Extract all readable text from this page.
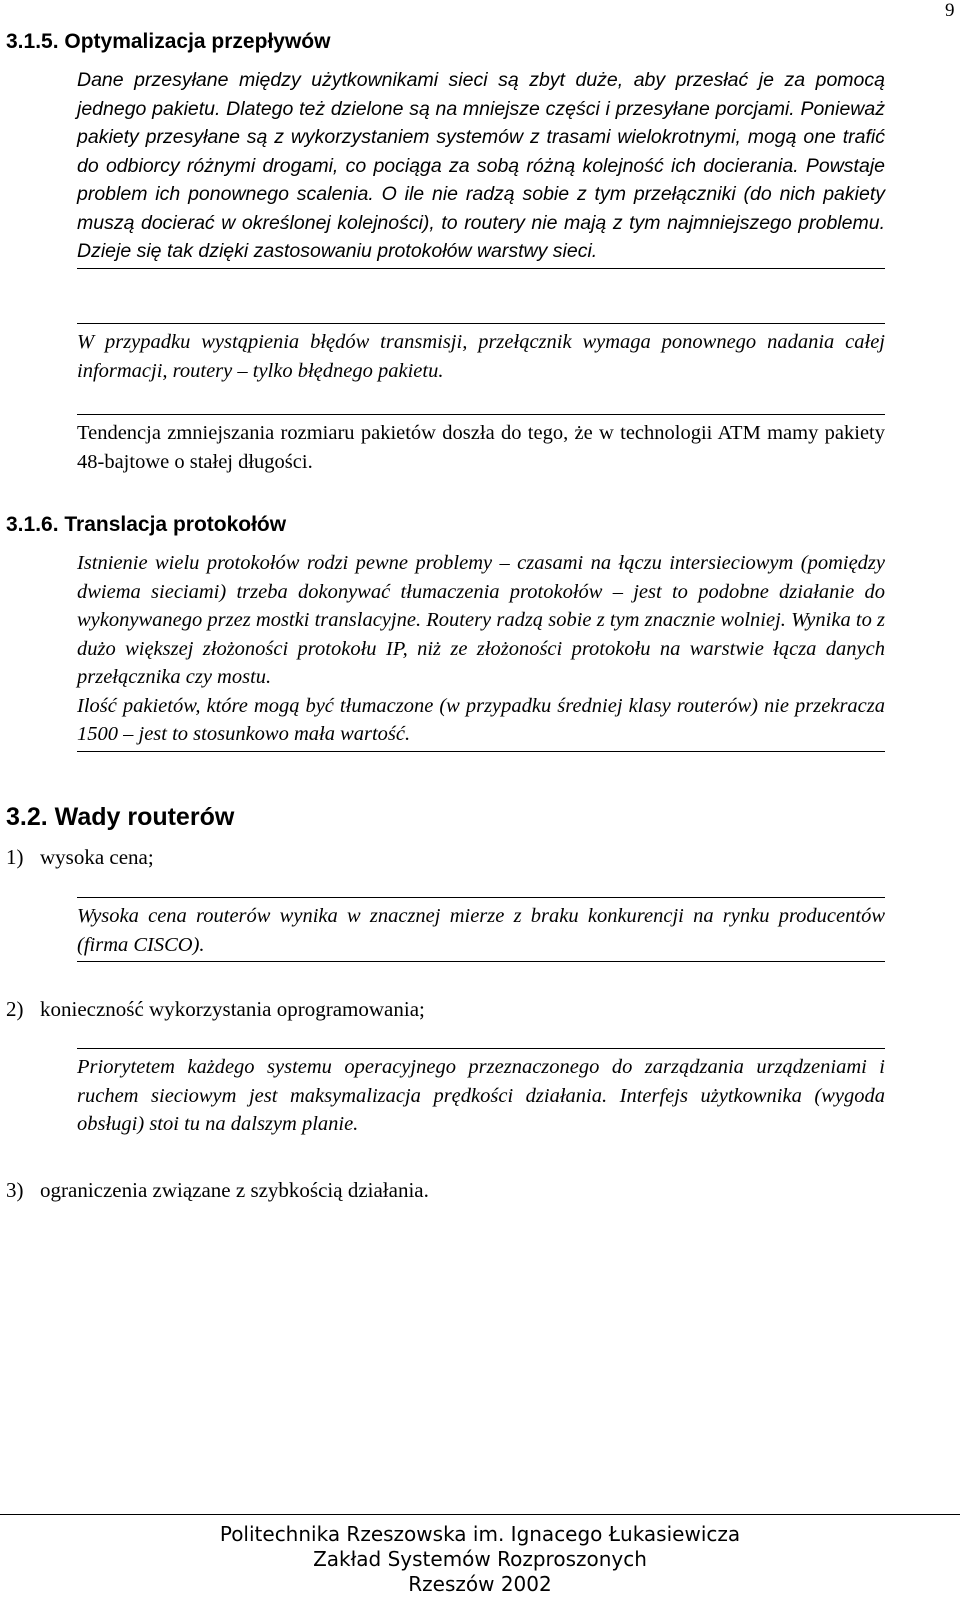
9
3.1.5. Optymalizacja przepływów

Dane przesyłane między użytkownikami sieci są zbyt duże, aby przesłać je za pomocą jednego pakietu. Dlatego też dzielone są na mniejsze części i przesyłane porcjami. Ponieważ pakiety przesyłane są z wykorzystaniem systemów z trasami wielokrotnymi, mogą one trafić do odbiorcy różnymi drogami, co pociąga za sobą różną kolejność ich docierania. Powstaje problem ich ponownego scalenia. O ile nie radzą sobie z tym przełączniki (do nich pakiety muszą docierać w określonej kolejności), to routery nie mają z tym najmniejszego problemu. Dzieje się tak dzięki zastosowaniu protokołów warstwy sieci.

W przypadku wystąpienia błędów transmisji, przełącznik wymaga ponownego nadania całej informacji, routery – tylko błędnego pakietu.

Tendencja zmniejszania rozmiaru pakietów doszła do tego, że w technologii ATM mamy pakiety 48-bajtowe o stałej długości.

3.1.6. Translacja protokołów

Istnienie wielu protokołów rodzi pewne problemy – czasami na łączu intersieciowym (pomiędzy dwiema sieciami) trzeba dokonywać tłumaczenia protokołów – jest to podobne działanie do wykonywanego przez mostki translacyjne. Routery radzą sobie z tym znacznie wolniej. Wynika to z dużo większej złożoności protokołu IP, niż ze złożoności protokołu na warstwie łącza danych przełącznika czy mostu.

Ilość pakietów, które mogą być tłumaczone (w przypadku średniej klasy routerów) nie przekracza 1500 – jest to stosunkowo mała wartość.

3.2. Wady routerów
1) wysoka cena;

Wysoka cena routerów wynika w znacznej mierze z braku konkurencji na rynku producentów (firma CISCO).

2) konieczność wykorzystania oprogramowania;

Priorytetem każdego systemu operacyjnego przeznaczonego do zarządzania urządzeniami i ruchem sieciowym jest maksymalizacja prędkości działania. Interfejs użytkownika (wygoda obsługi) stoi tu na dalszym planie.

3) ograniczenia związane z szybkością działania.
Politechnika Rzeszowska im. Ignacego Łukasiewicza
Zakład Systemów Rozproszonych
Rzeszów 2002
